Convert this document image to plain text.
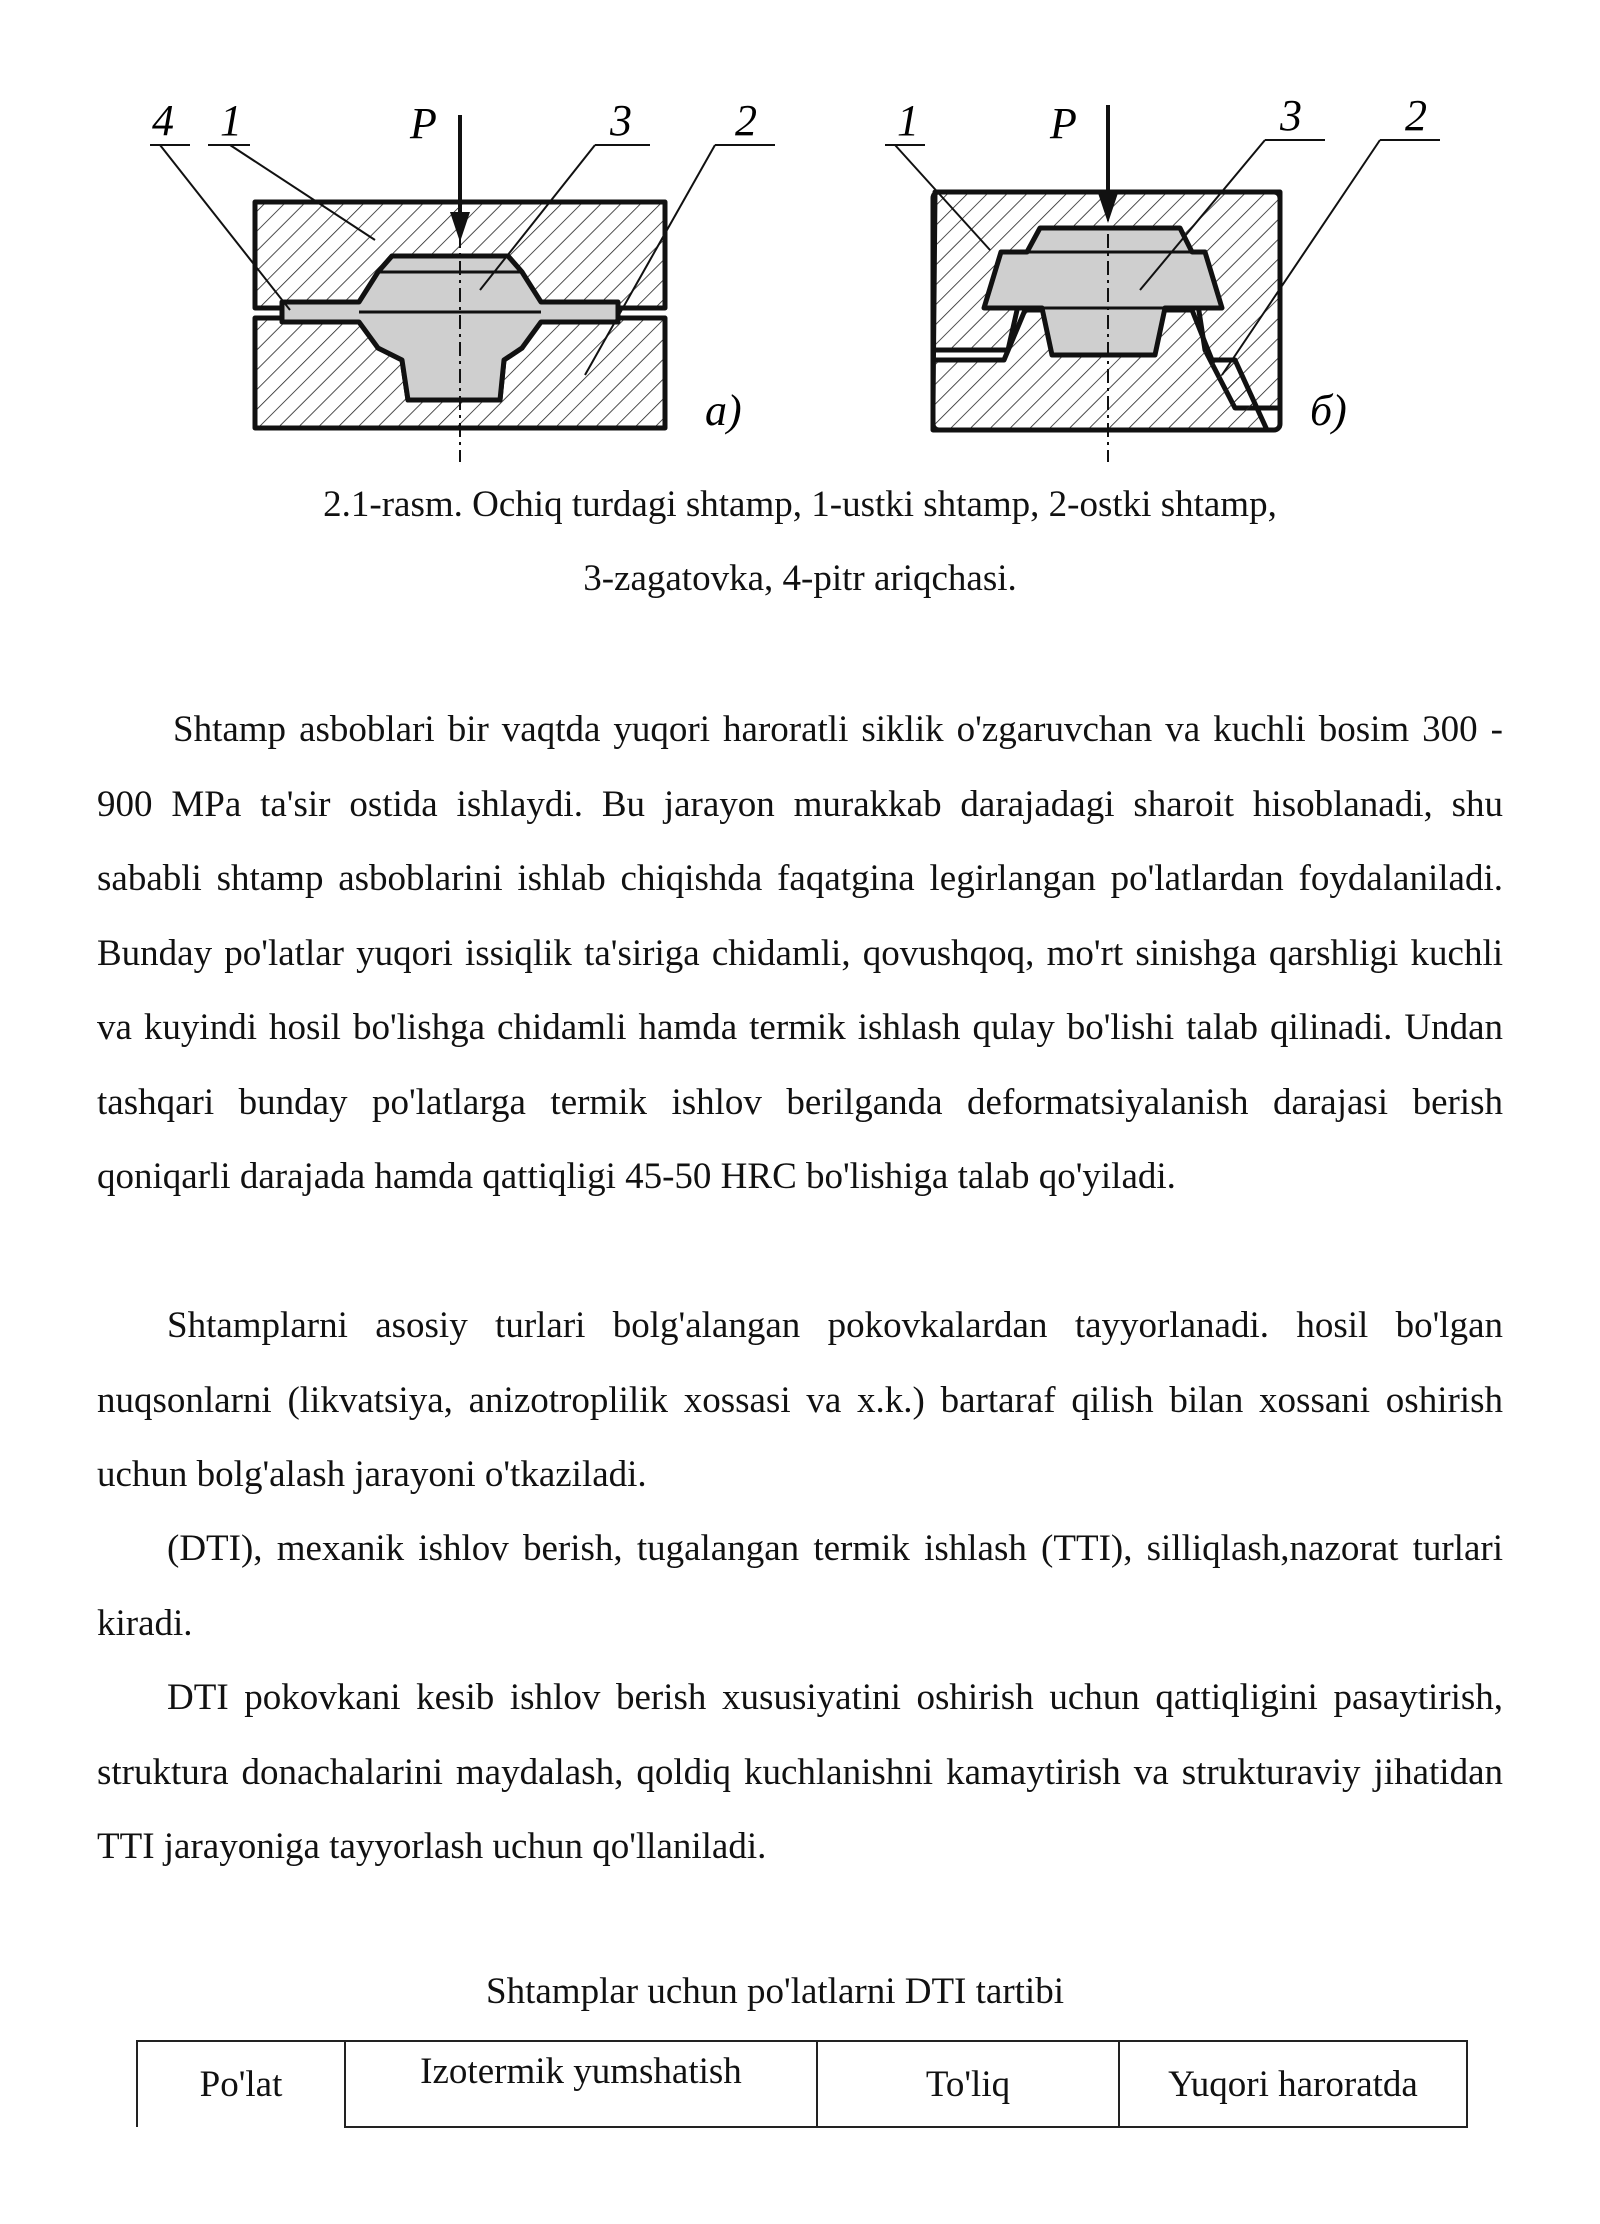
4 1	P	3 2
а)
1	P	3 2
б)
2.1-rasm. Ochiq turdagi shtamp, 1-ustki shtamp, 2-ostki shtamp,
3-zagatovka, 4-pitr ariqchasi.

Shtamp asboblari bir vaqtda yuqori haroratli siklik o'zgaruvchan va kuchli bosim 300 - 900 MPa ta'sir ostida ishlaydi. Bu jarayon murakkab darajadagi sharoit hisoblanadi, shu sababli shtamp asboblarini ishlab chiqishda faqatgina legirlangan po'latlardan foydalaniladi. Bunday po'latlar yuqori issiqlik ta'siriga chidamli, qovushqoq, mo'rt sinishga qarshligi kuchli va kuyindi hosil bo'lishga chidamli hamda termik ishlash qulay bo'lishi talab qilinadi. Undan tashqari bunday po'latlarga termik ishlov berilganda deformatsiyalanish darajasi berish qoniqarli darajada hamda qattiqligi 45-50 HRC bo'lishiga talab qo'yiladi.

Shtamplarni asosiy turlari bolg'alangan pokovkalardan tayyorlanadi. hosil bo'lgan nuqsonlarni (likvatsiya, anizotroplilik xossasi va x.k.) bartaraf qilish bilan xossani oshirish uchun bolg'alash jarayoni o'tkaziladi.

(DTI), mexanik ishlov berish, tugalangan termik ishlash (TTI), silliqlash,nazorat turlari kiradi.

DTI pokovkani kesib ishlov berish xususiyatini oshirish uchun qattiqligini pasaytirish, struktura donachalarini maydalash, qoldiq kuchlanishni kamaytirish va strukturaviy jihatidan TTI jarayoniga tayyorlash uchun qo'llaniladi.

Shtamplar uchun po'latlarni DTI tartibi
Po'lat	Izotermik yumshatish	To'liq	Yuqori haroratda
